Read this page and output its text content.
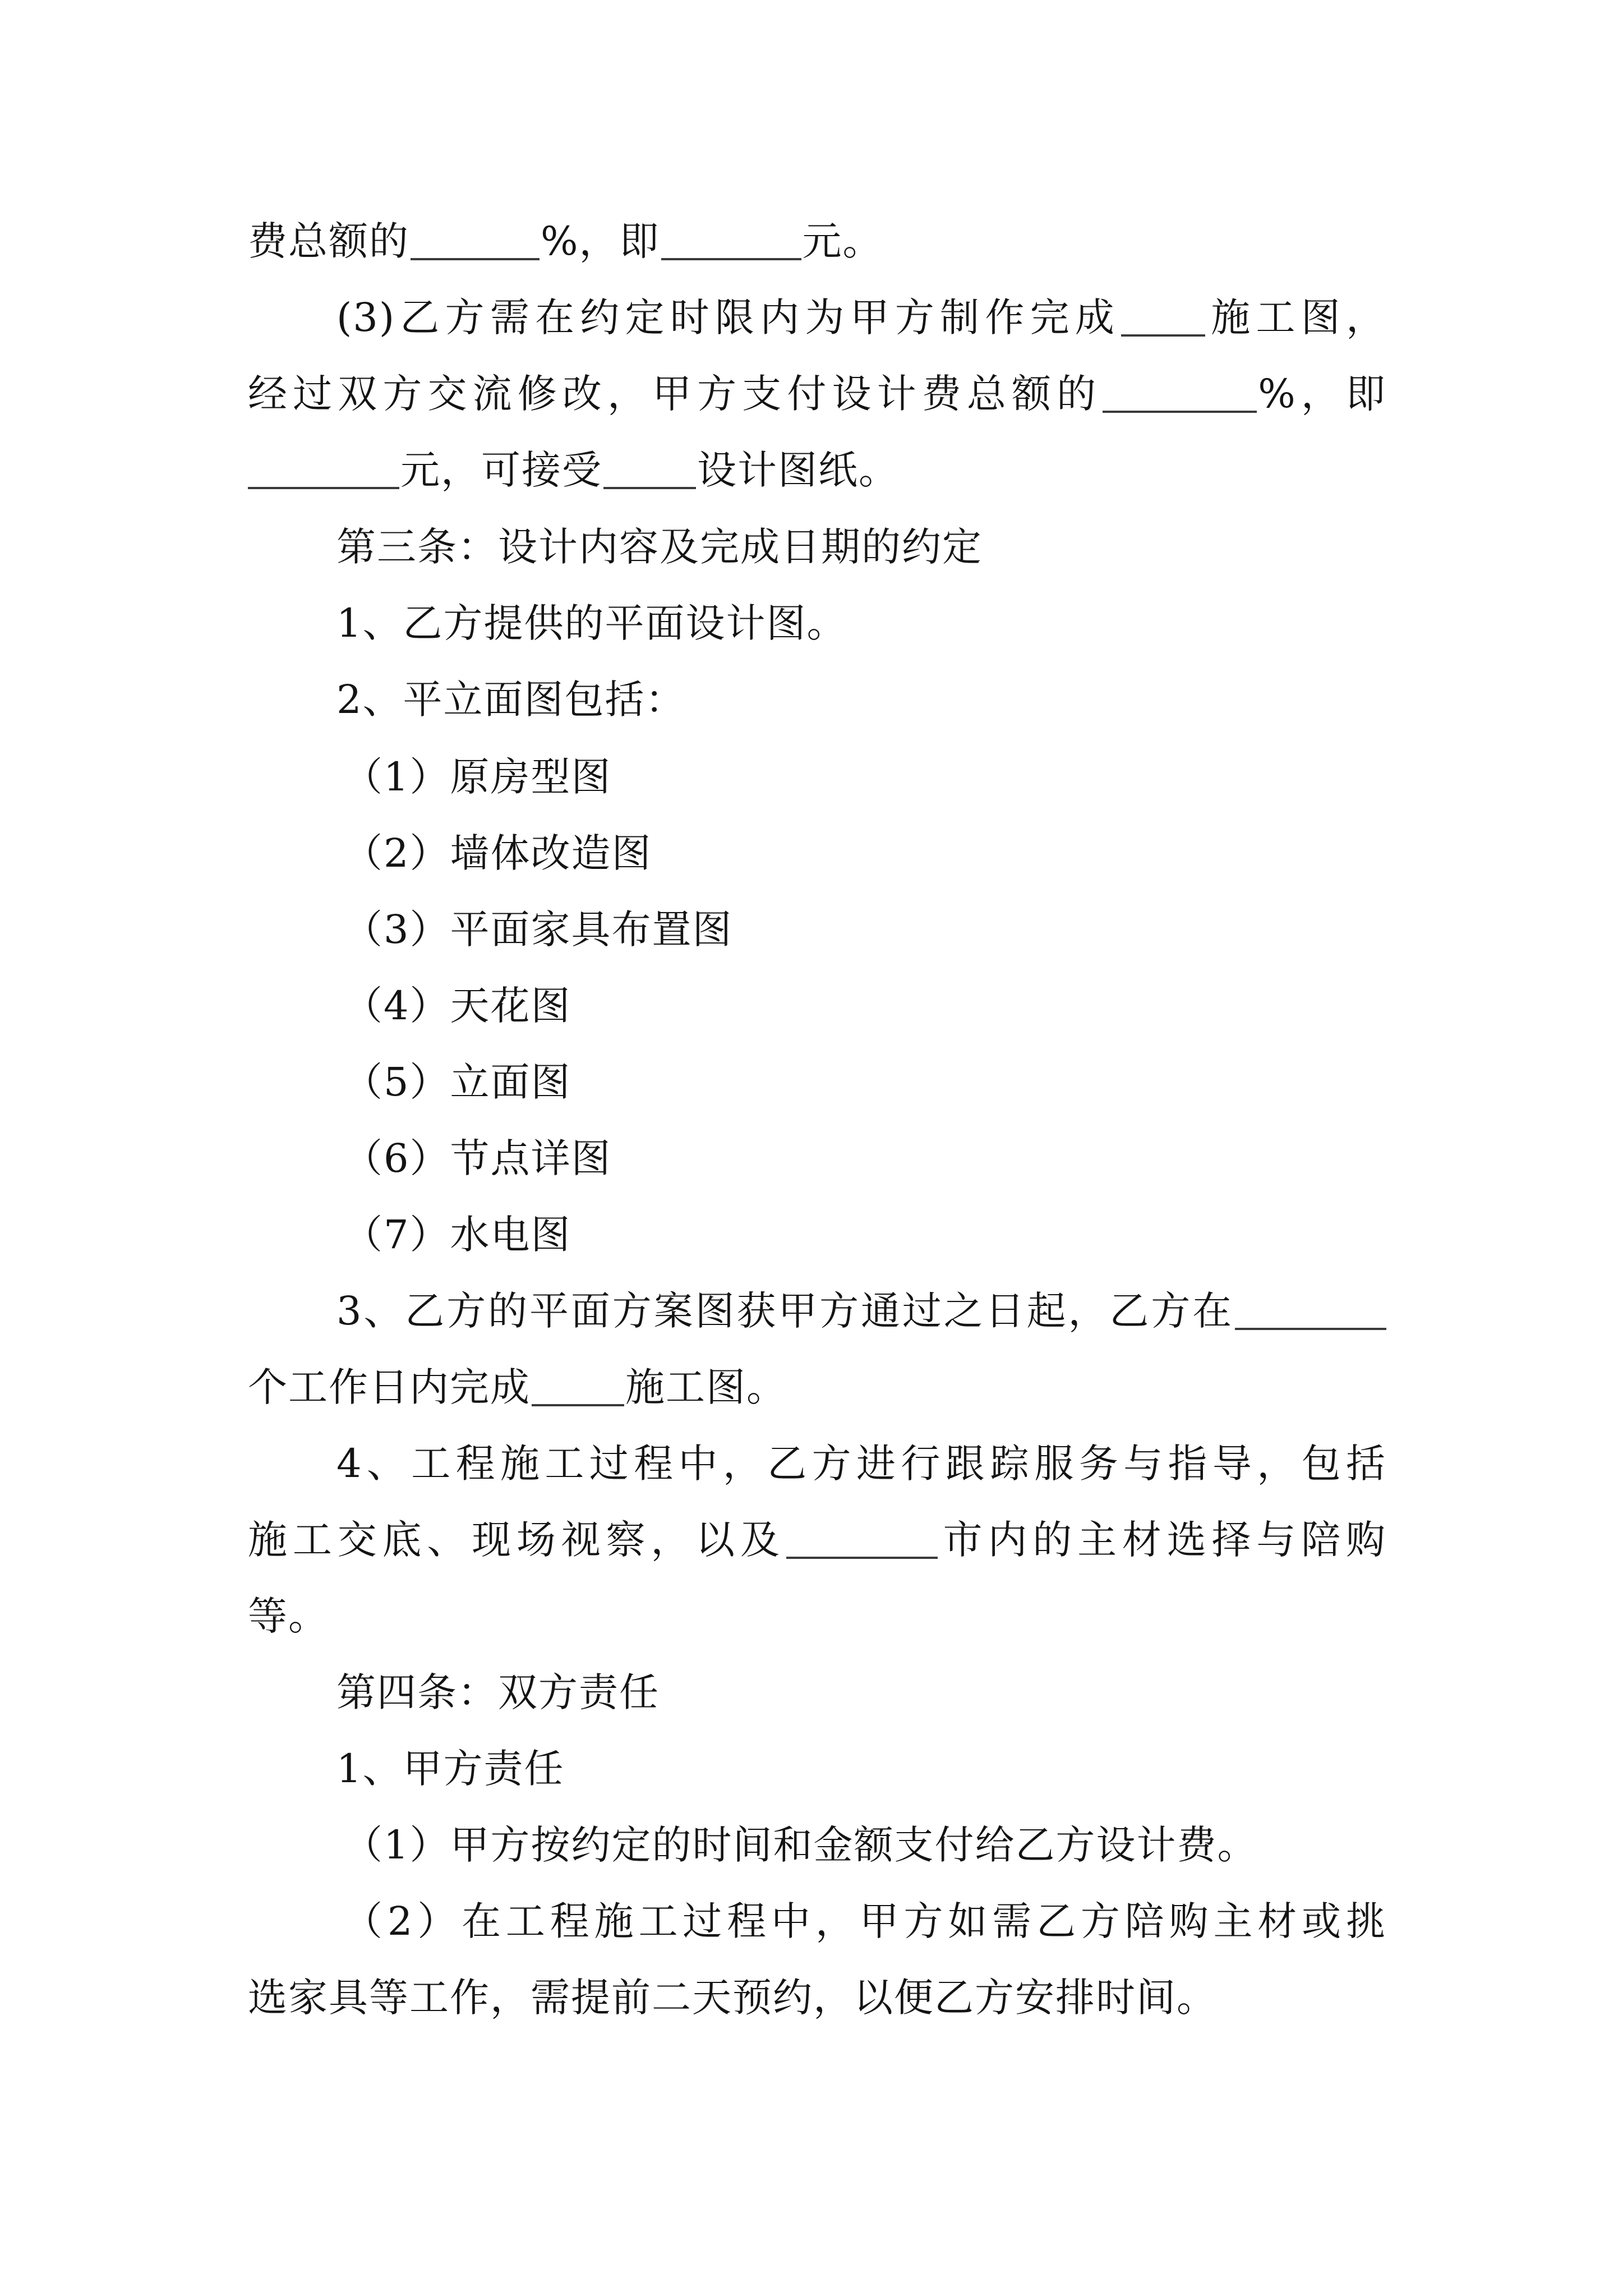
费总额的	%，即	元。
(3)乙方需在约定时限内为甲方制作完成 施工图，
经过双方交流修改，甲方支付设计费总额的	%，即
元，可接受 设计图纸。
第三条：设计内容及完成日期的约定
1、乙方提供的平面设计图。
2、平立面图包括：
（1）原房型图
（2）墙体改造图
（3）平面家具布置图
（4）天花图
（5）立面图
（6）节点详图
（7）水电图
3、乙方的平面方案图获甲方通过之日起，乙方在
个工作日内完成 施工图。
4、工程施工过程中，乙方进行跟踪服务与指导，包括
施工交底、现场视察，以及	市内的主材选择与陪购
等。
第四条：双方责任
1、甲方责任
（1）甲方按约定的时间和金额支付给乙方设计费。
（2）在工程施工过程中，甲方如需乙方陪购主材或挑
选家具等工作，需提前二天预约，以便乙方安排时间。
